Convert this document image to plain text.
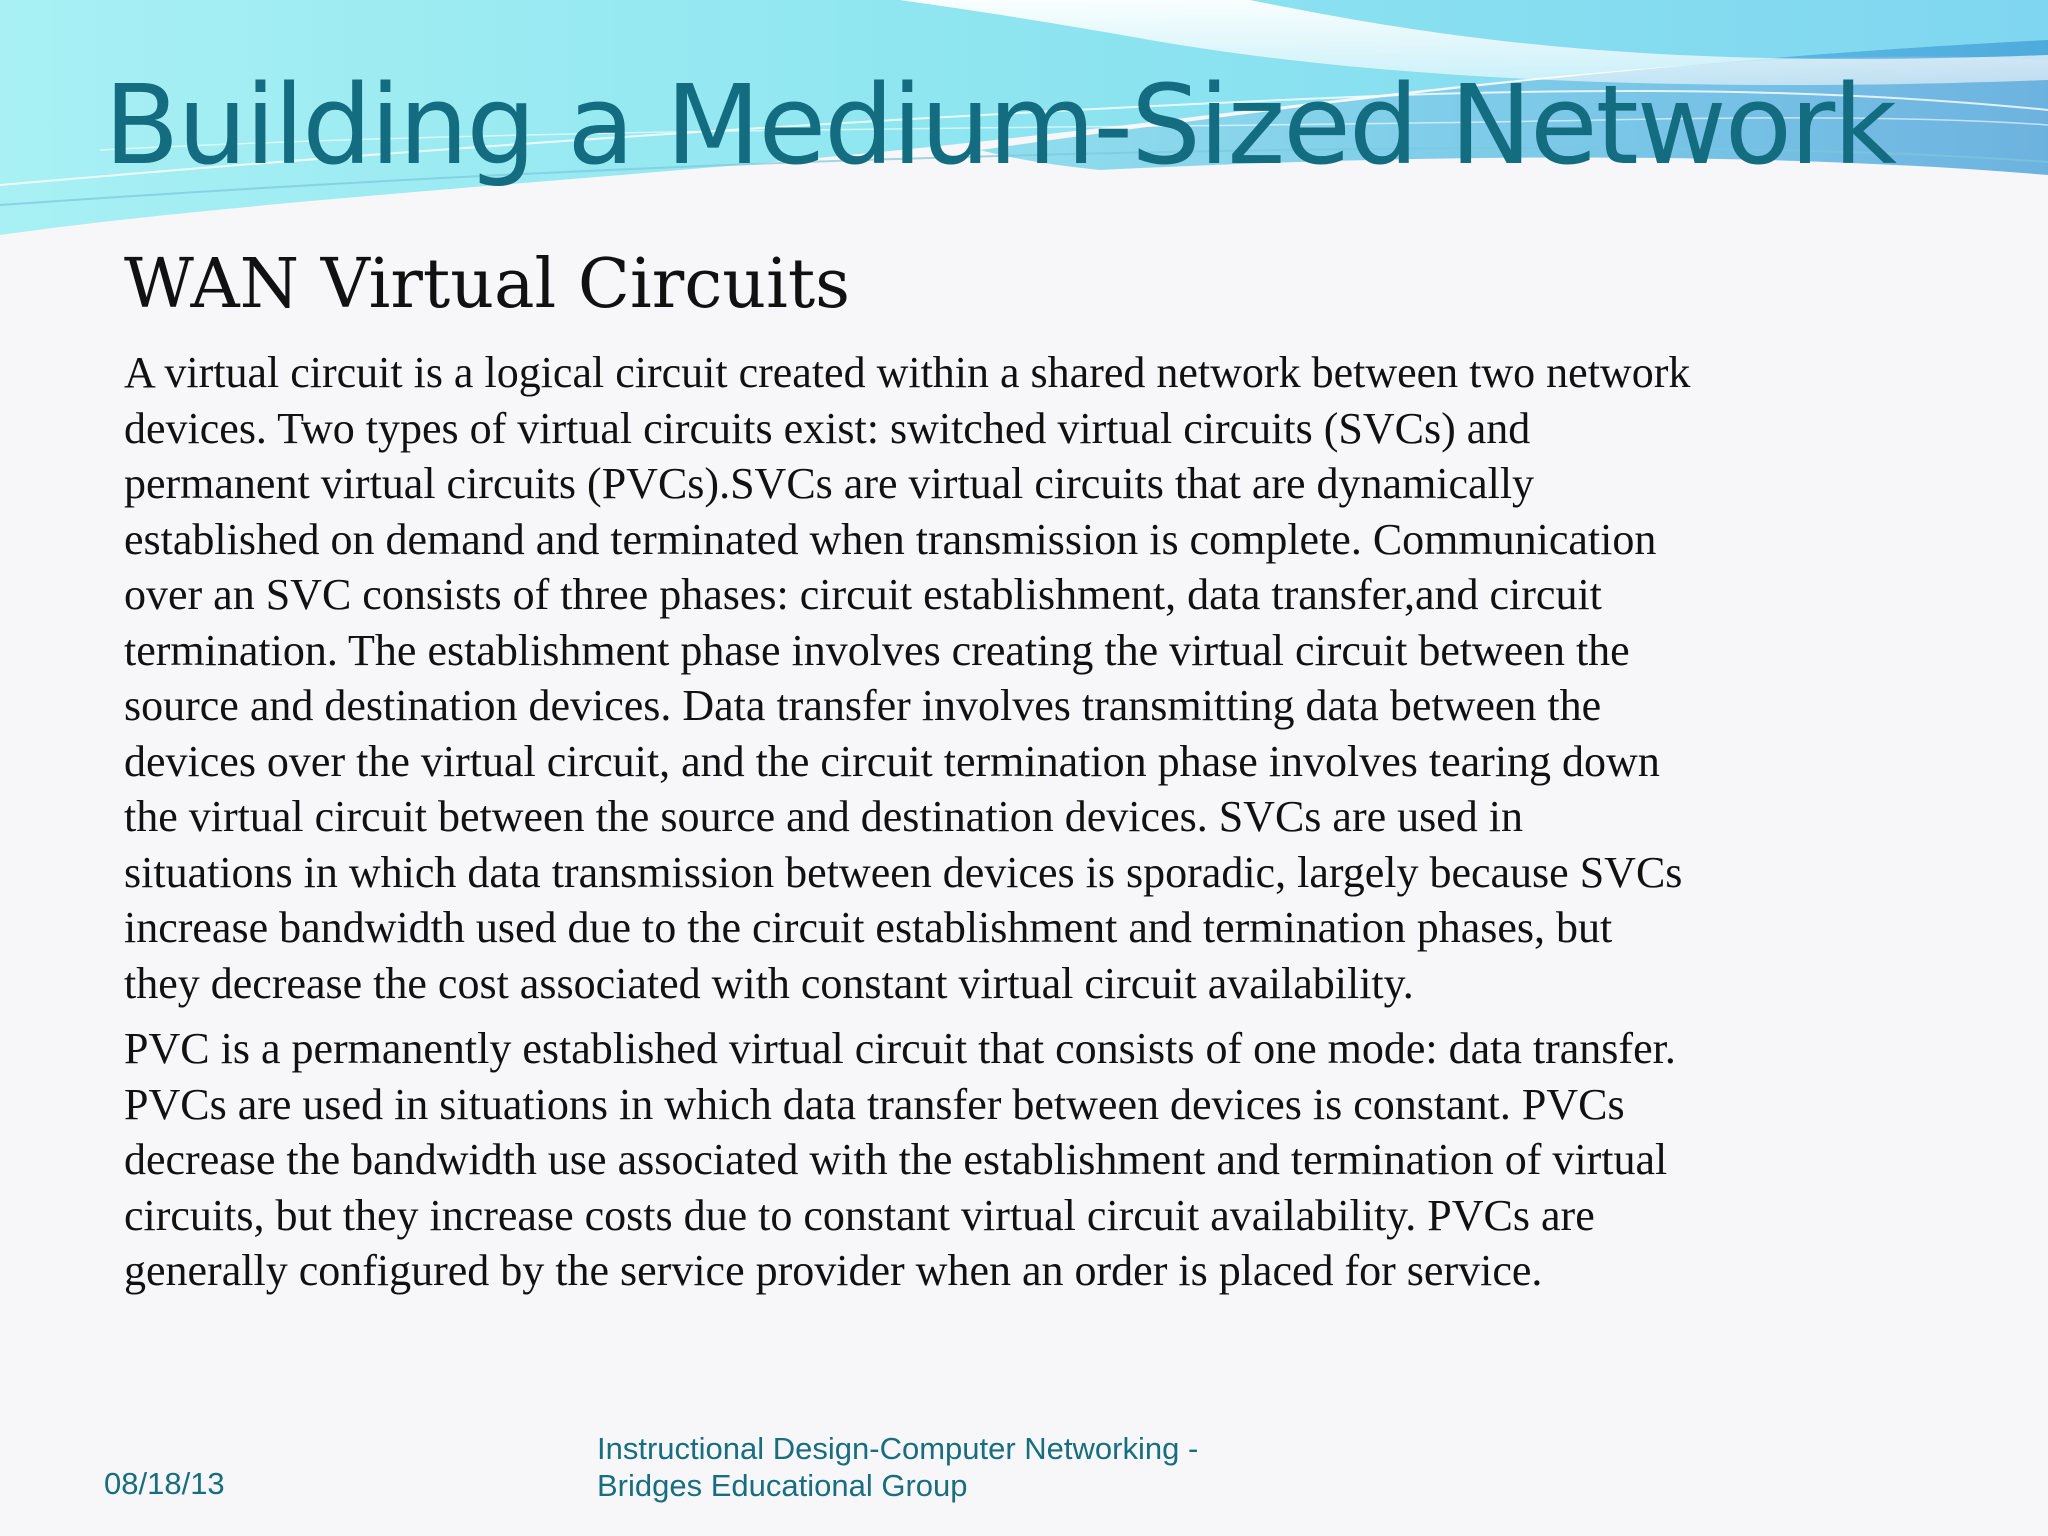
Building a Medium-Sized Network
WAN Virtual Circuits

A virtual circuit is a logical circuit created within a shared network between two network
devices. Two types of virtual circuits exist: switched virtual circuits (SVCs) and
permanent virtual circuits (PVCs).SVCs are virtual circuits that are dynamically
established on demand and terminated when transmission is complete. Communication
over an SVC consists of three phases: circuit establishment, data transfer,and circuit
termination. The establishment phase involves creating the virtual circuit between the
source and destination devices. Data transfer involves transmitting data between the
devices over the virtual circuit, and the circuit termination phase involves tearing down
the virtual circuit between the source and destination devices. SVCs are used in
situations in which data transmission between devices is sporadic, largely because SVCs
increase bandwidth used due to the circuit establishment and termination phases, but
they decrease the cost associated with constant virtual circuit availability.

PVC is a permanently established virtual circuit that consists of one mode: data transfer.
PVCs are used in situations in which data transfer between devices is constant. PVCs
decrease the bandwidth use associated with the establishment and termination of virtual
circuits, but they increase costs due to constant virtual circuit availability. PVCs are
generally configured by the service provider when an order is placed for service.

08/18/13
Instructional Design-Computer Networking -
Bridges Educational Group
